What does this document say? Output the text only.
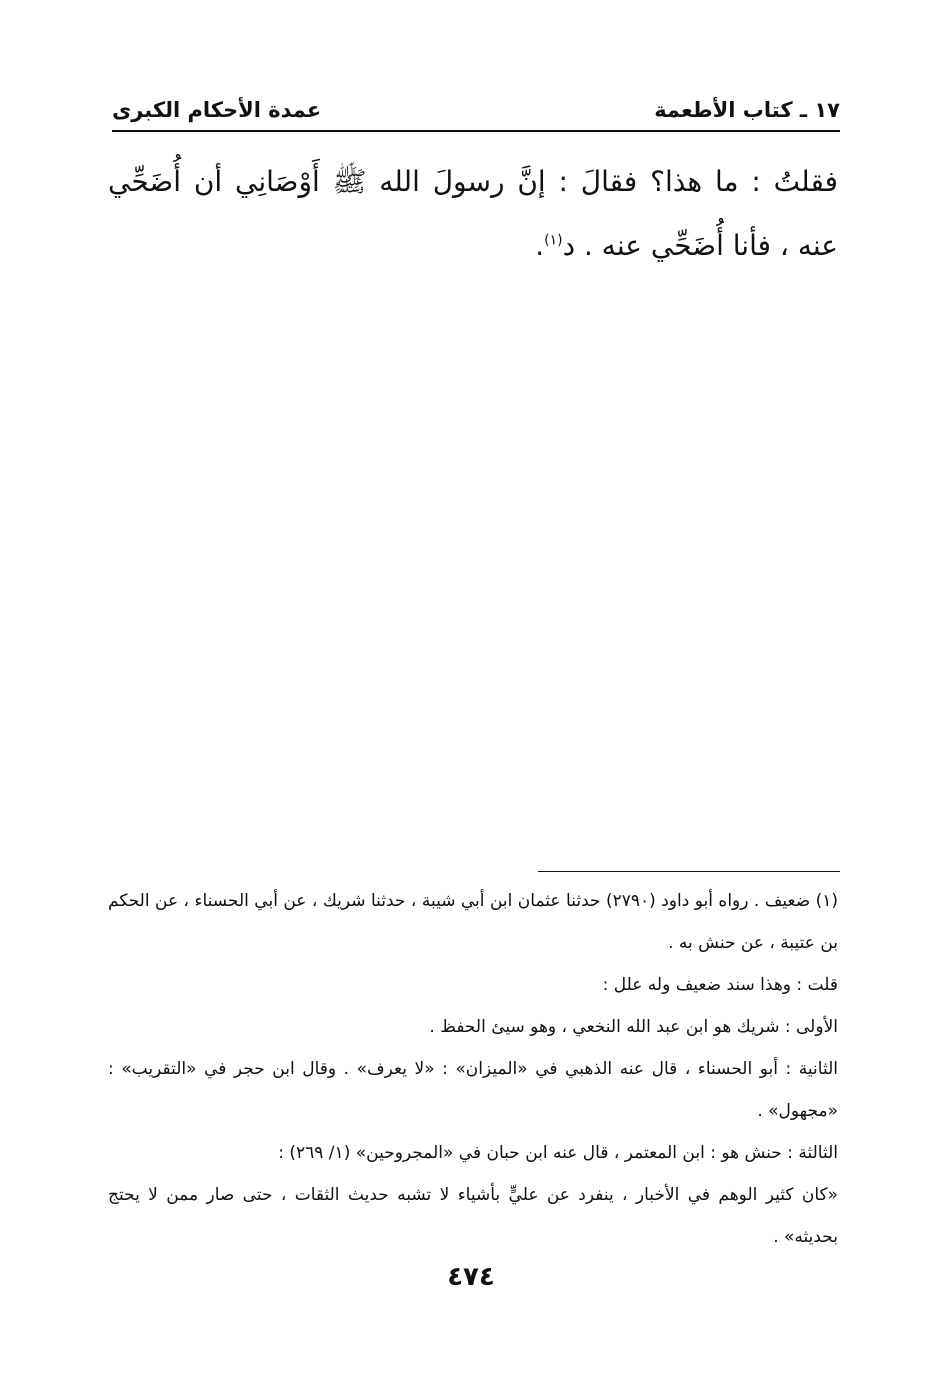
١٧ ـ كتاب الأطعمة
عمدة الأحكام الكبرى
فقلتُ : ما هذا؟ فقالَ : إنَّ رسولَ الله ﷺ أَوْصَانِي أن أُضَحِّي عنه ، فأنا أُضَحِّي عنه . د$^{(١)}$.

(١) ضعيف . رواه أبو داود (٢٧٩٠) حدثنا عثمان ابن أبي شيبة ، حدثنا شريك ، عن أبي الحسناء ، عن الحكم بن عتيبة ، عن حنش به .

قلت : وهذا سند ضعيف وله علل :

الأولى : شريك هو ابن عبد الله النخعي ، وهو سيئ الحفظ .

الثانية : أبو الحسناء ، قال عنه الذهبي في «الميزان» : «لا يعرف» . وقال ابن حجر في «التقريب» : «مجهول» .

الثالثة : حنش هو : ابن المعتمر ، قال عنه ابن حبان في «المجروحين» (١/ ٢٦٩) :

«كان كثير الوهم في الأخبار ، ينفرد عن عليٍّ بأشياء لا تشبه حديث الثقات ، حتى صار ممن لا يحتج بحديثه» .

٤٧٤
